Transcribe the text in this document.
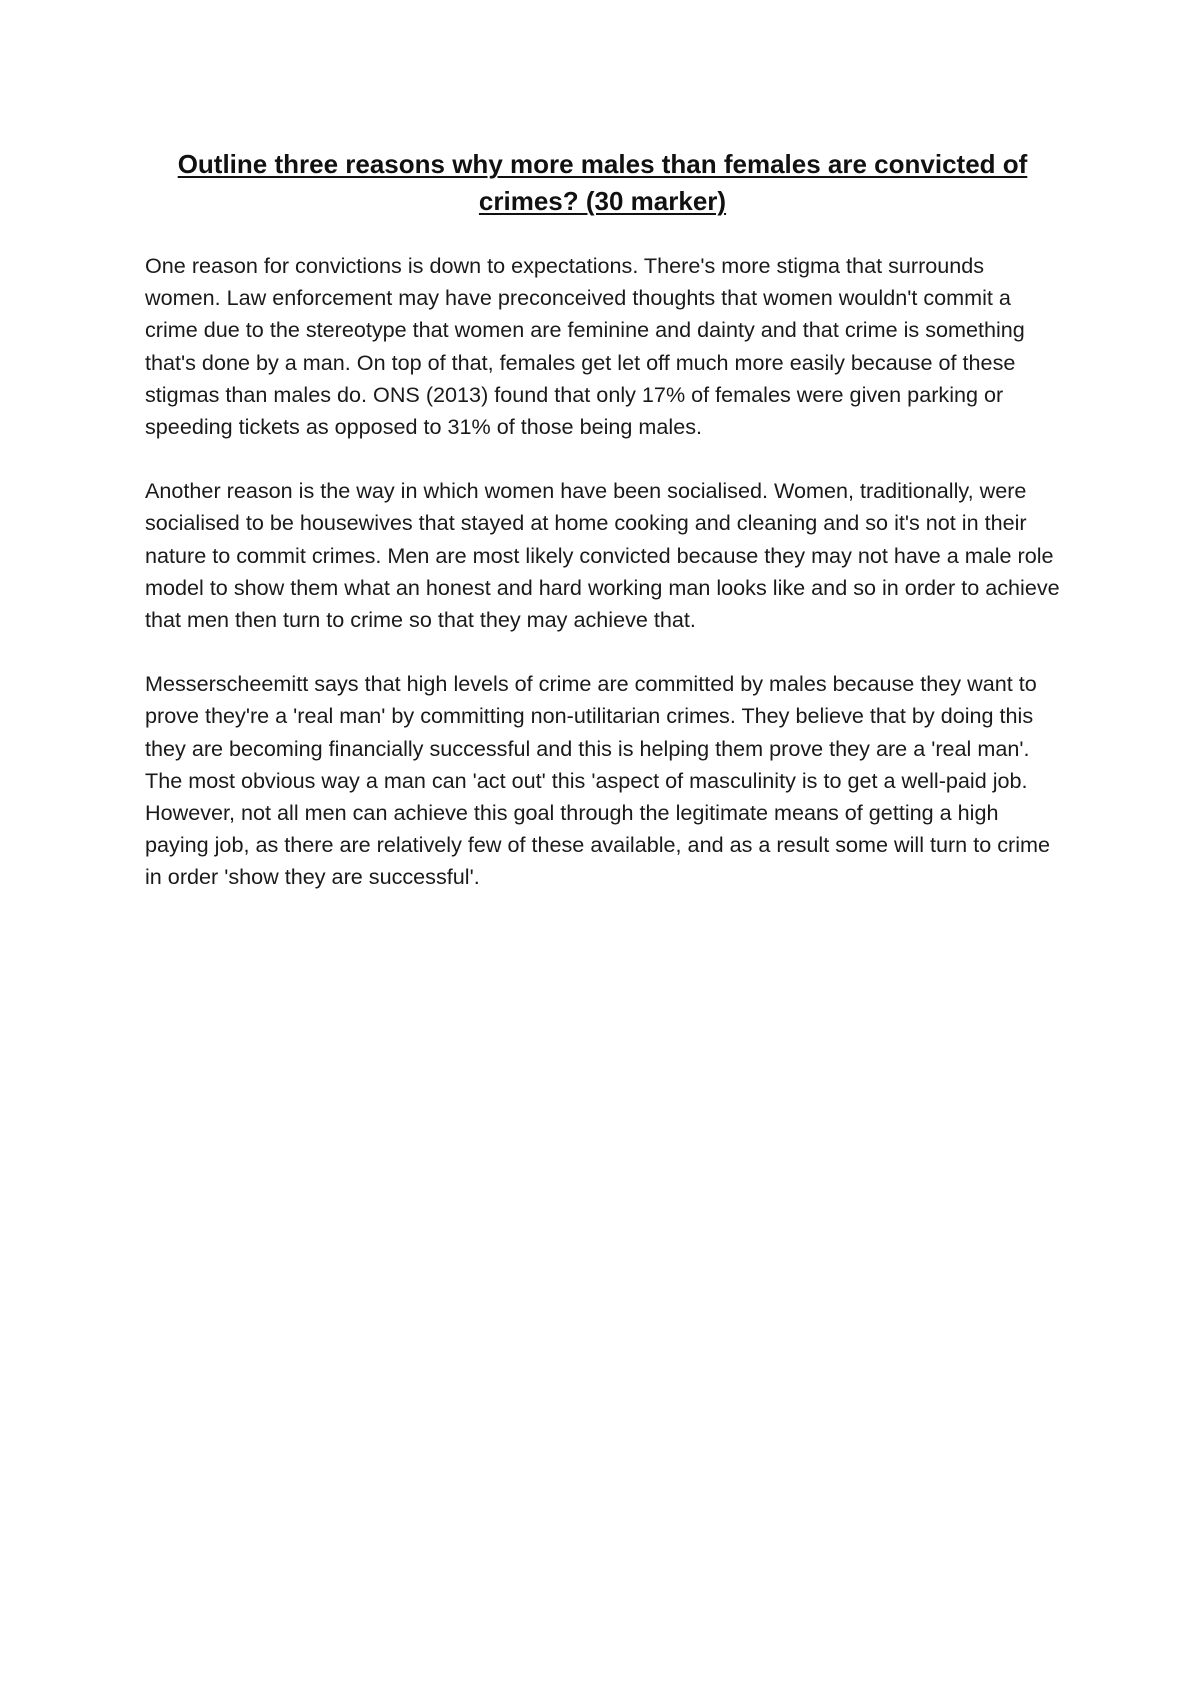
Outline three reasons why more males than females are convicted of crimes? (30 marker)

One reason for convictions is down to expectations. There's more stigma that surrounds women. Law enforcement may have preconceived thoughts that women wouldn't commit a crime due to the stereotype that women are feminine and dainty and that crime is something that's done by a man. On top of that, females get let off much more easily because of these stigmas than males do. ONS (2013) found that only 17% of females were given parking or speeding tickets as opposed to 31% of those being males.

Another reason is the way in which women have been socialised. Women, traditionally, were socialised to be housewives that stayed at home cooking and cleaning and so it's not in their nature to commit crimes. Men are most likely convicted because they may not have a male role model to show them what an honest and hard working man looks like and so in order to achieve that men then turn to crime so that they may achieve that.

Messerscheemitt says that high levels of crime are committed by males because they want to prove they're a 'real man' by committing non-utilitarian crimes. They believe that by doing this they are becoming financially successful and this is helping them prove they are a 'real man'. The most obvious way a man can 'act out' this 'aspect of masculinity is to get a well-paid job. However, not all men can achieve this goal through the legitimate means of getting a high paying job, as there are relatively few of these available, and as a result some will turn to crime in order 'show they are successful'.
